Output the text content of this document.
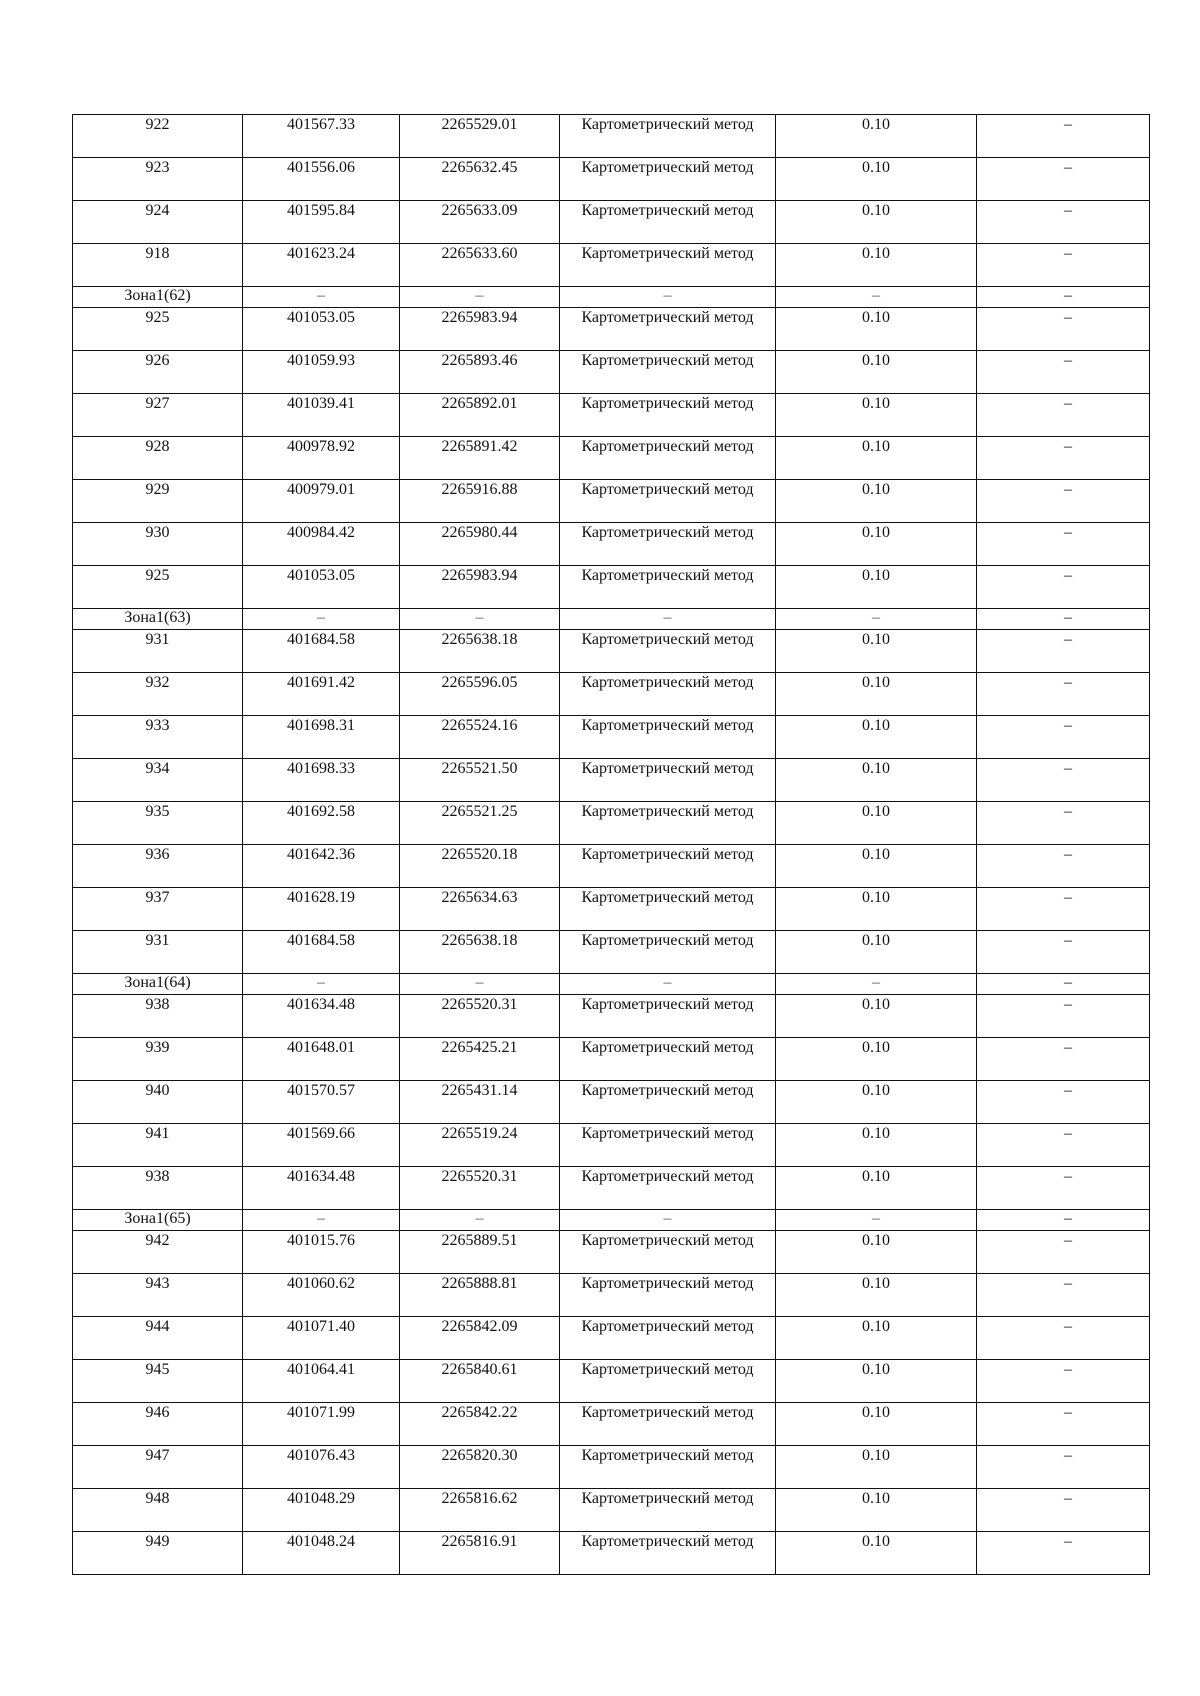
922	401567.33	2265529.01	Картометрический метод	0.10	–
923	401556.06	2265632.45	Картометрический метод	0.10	–
924	401595.84	2265633.09	Картометрический метод	0.10	–
918	401623.24	2265633.60	Картометрический метод	0.10	–
Зона1(62)	–	–	–	–	–
925	401053.05	2265983.94	Картометрический метод	0.10	–
926	401059.93	2265893.46	Картометрический метод	0.10	–
927	401039.41	2265892.01	Картометрический метод	0.10	–
928	400978.92	2265891.42	Картометрический метод	0.10	–
929	400979.01	2265916.88	Картометрический метод	0.10	–
930	400984.42	2265980.44	Картометрический метод	0.10	–
925	401053.05	2265983.94	Картометрический метод	0.10	–
Зона1(63)	–	–	–	–	–
931	401684.58	2265638.18	Картометрический метод	0.10	–
932	401691.42	2265596.05	Картометрический метод	0.10	–
933	401698.31	2265524.16	Картометрический метод	0.10	–
934	401698.33	2265521.50	Картометрический метод	0.10	–
935	401692.58	2265521.25	Картометрический метод	0.10	–
936	401642.36	2265520.18	Картометрический метод	0.10	–
937	401628.19	2265634.63	Картометрический метод	0.10	–
931	401684.58	2265638.18	Картометрический метод	0.10	–
Зона1(64)	–	–	–	–	–
938	401634.48	2265520.31	Картометрический метод	0.10	–
939	401648.01	2265425.21	Картометрический метод	0.10	–
940	401570.57	2265431.14	Картометрический метод	0.10	–
941	401569.66	2265519.24	Картометрический метод	0.10	–
938	401634.48	2265520.31	Картометрический метод	0.10	–
Зона1(65)	–	–	–	–	–
942	401015.76	2265889.51	Картометрический метод	0.10	–
943	401060.62	2265888.81	Картометрический метод	0.10	–
944	401071.40	2265842.09	Картометрический метод	0.10	–
945	401064.41	2265840.61	Картометрический метод	0.10	–
946	401071.99	2265842.22	Картометрический метод	0.10	–
947	401076.43	2265820.30	Картометрический метод	0.10	–
948	401048.29	2265816.62	Картометрический метод	0.10	–
949	401048.24	2265816.91	Картометрический метод	0.10	–
